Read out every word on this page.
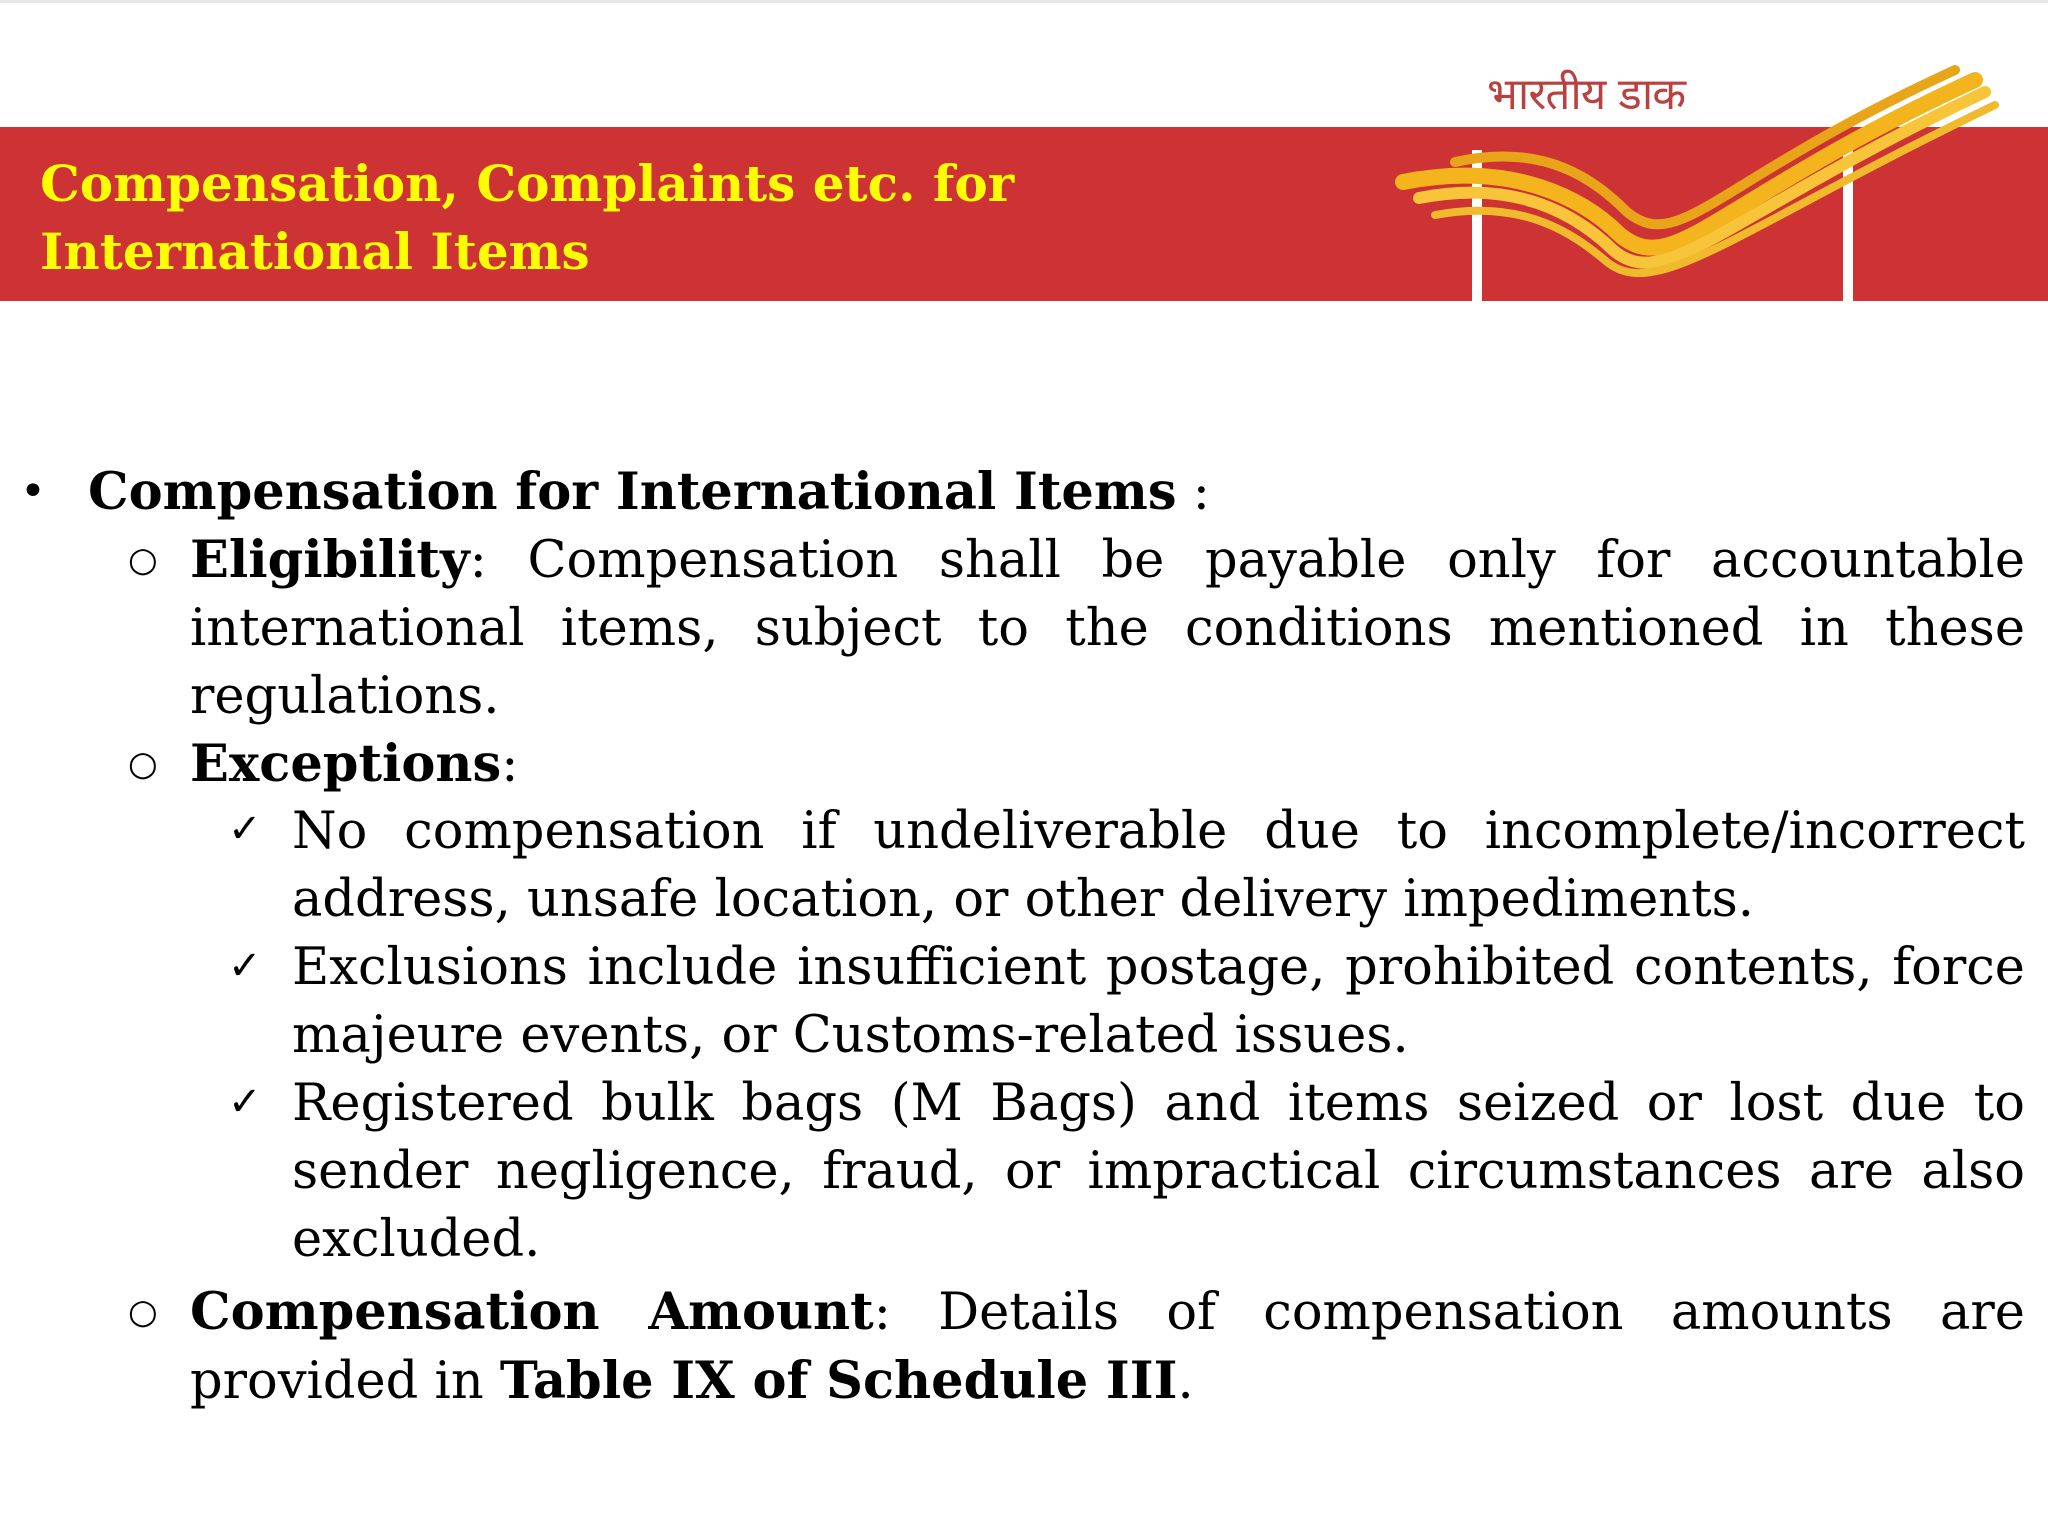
Compensation, Complaints etc. for
International Items
भारतीय डाक
• Compensation for International Items :
○ Eligibility: Compensation shall be payable only for accountable international items, subject to the conditions mentioned in these regulations.
○ Exceptions:
✓ No compensation if undeliverable due to incomplete/incorrect address, unsafe location, or other delivery impediments.
✓ Exclusions include insufficient postage, prohibited contents, force majeure events, or Customs-related issues.
✓ Registered bulk bags (M Bags) and items seized or lost due to sender negligence, fraud, or impractical circumstances are also excluded.
○ Compensation Amount: Details of compensation amounts are provided in Table IX of Schedule III.
